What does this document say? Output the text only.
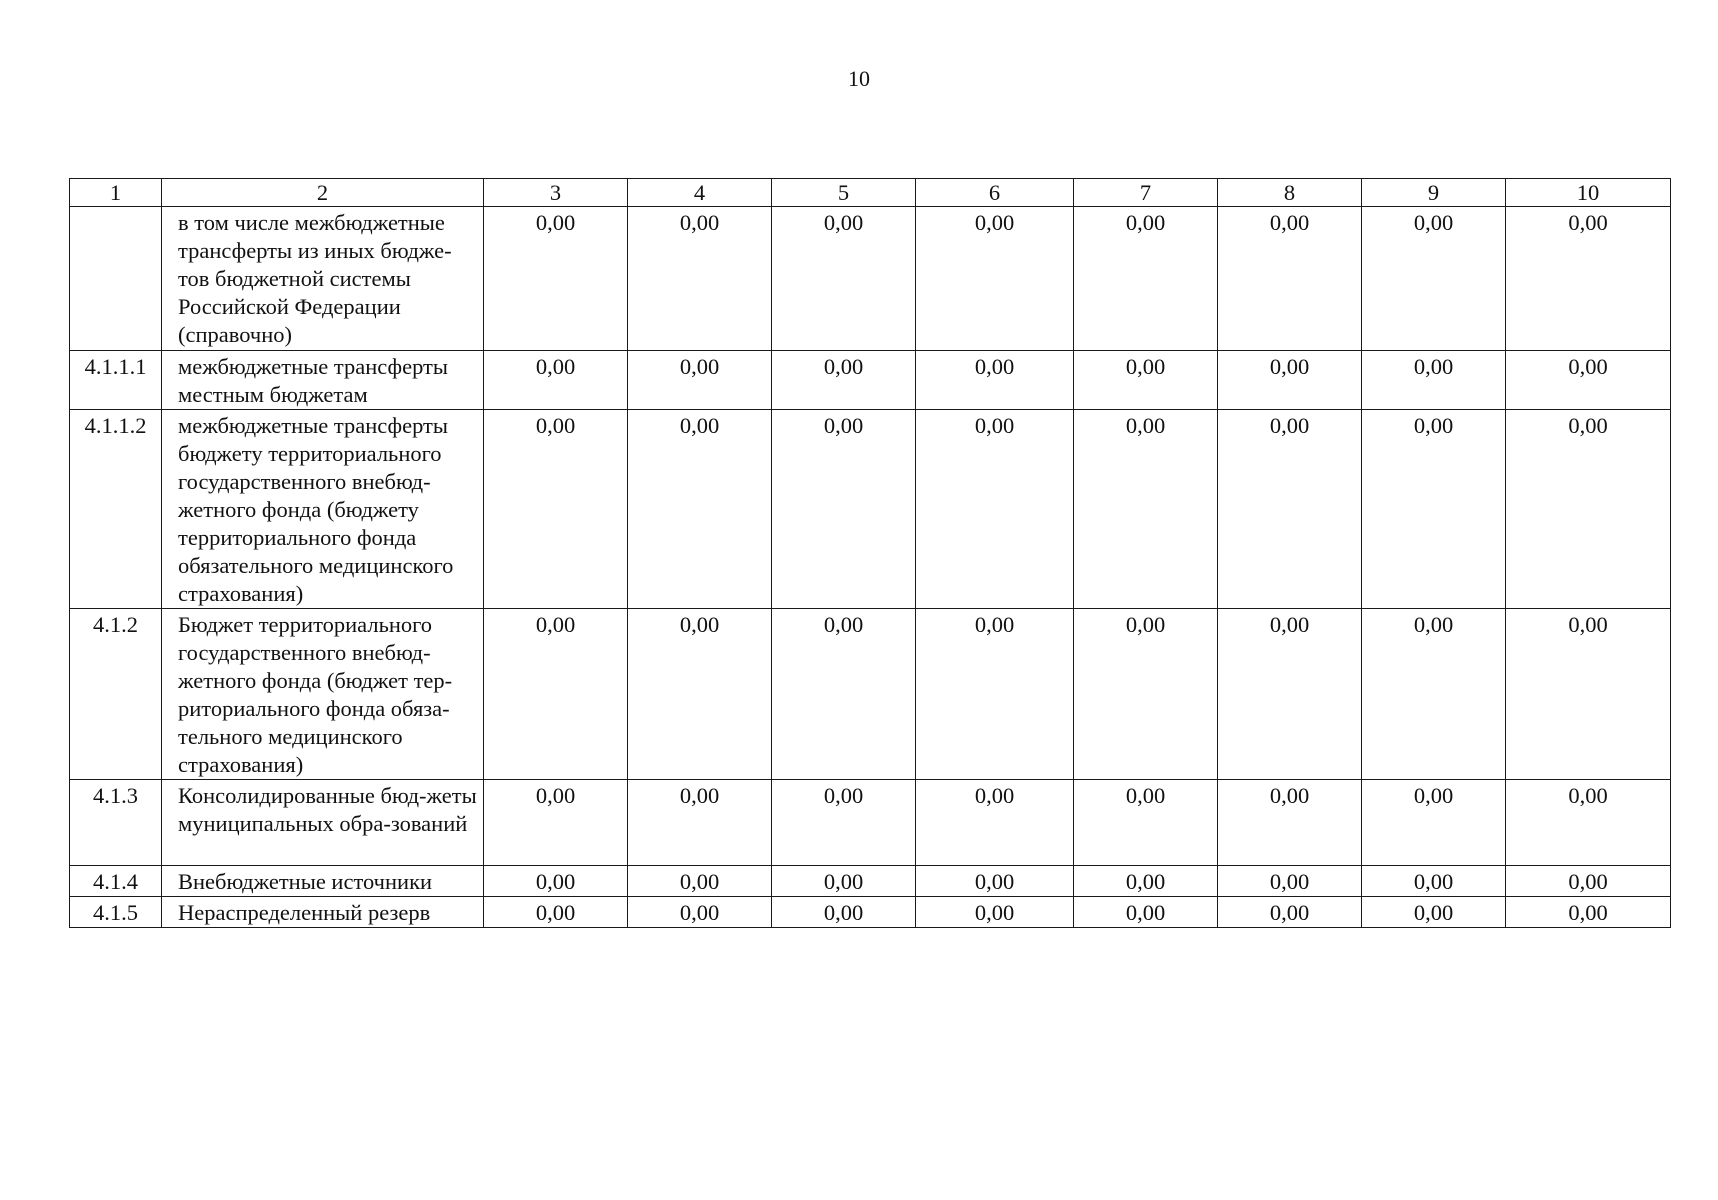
10
1	2	3	4	5	6	7	8	9	10
	в том числе межбюджетные трансферты из иных бюдже-тов бюджетной системы Российской Федерации (справочно)	0,00	0,00	0,00	0,00	0,00	0,00	0,00	0,00
4.1.1.1	межбюджетные трансферты местным бюджетам	0,00	0,00	0,00	0,00	0,00	0,00	0,00	0,00
4.1.1.2	межбюджетные трансферты бюджету территориального государственного внебюд-жетного фонда (бюджету территориального фонда обязательного медицинского страхования)	0,00	0,00	0,00	0,00	0,00	0,00	0,00	0,00
4.1.2	Бюджет территориального государственного внебюд-жетного фонда (бюджет тер-риториального фонда обяза-тельного медицинского страхования)	0,00	0,00	0,00	0,00	0,00	0,00	0,00	0,00
4.1.3	Консолидированные бюд-жеты муниципальных обра-зований	0,00	0,00	0,00	0,00	0,00	0,00	0,00	0,00
4.1.4	Внебюджетные источники	0,00	0,00	0,00	0,00	0,00	0,00	0,00	0,00
4.1.5	Нераспределенный резерв	0,00	0,00	0,00	0,00	0,00	0,00	0,00	0,00
